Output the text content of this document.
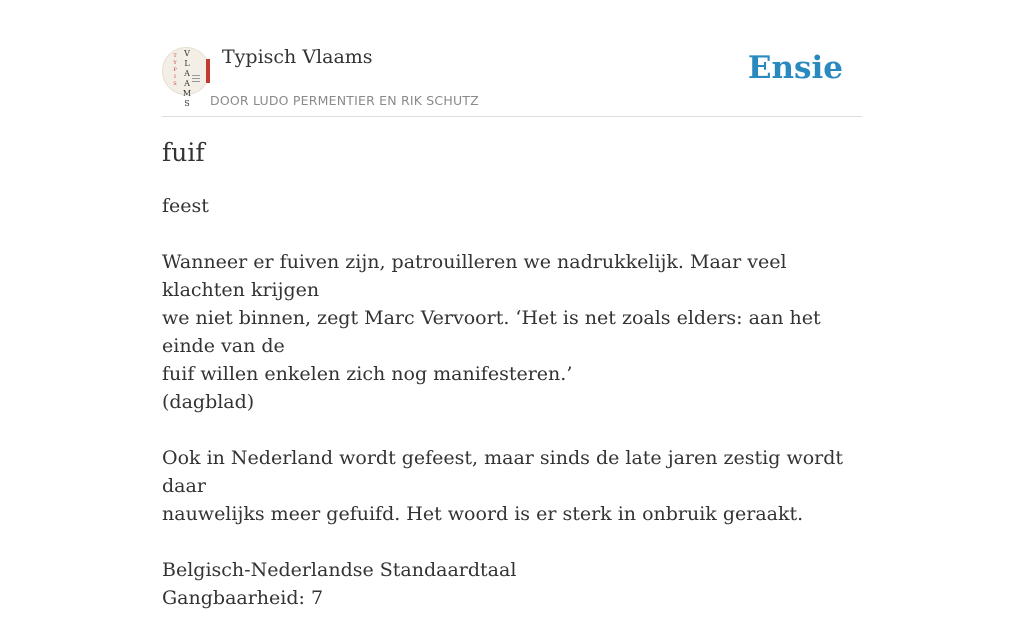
T
Y
P
I
S
V
L
A
A
M
S
Typisch Vlaams
DOOR LUDO PERMENTIER EN RIK SCHUTZ
Ensie
fuif

feest

Wanneer er fuiven zijn, patrouilleren we nadrukkelijk. Maar veel klachten krijgen
we niet binnen, zegt Marc Vervoort. ‘Het is net zoals elders: aan het einde van de
fuif willen enkelen zich nog manifesteren.’
(dagblad)

Ook in Nederland wordt gefeest, maar sinds de late jaren zestig wordt daar
nauwelijks meer gefuifd. Het woord is er sterk in onbruik geraakt.

Belgisch-Nederlandse Standaardtaal
Gangbaarheid: 7
